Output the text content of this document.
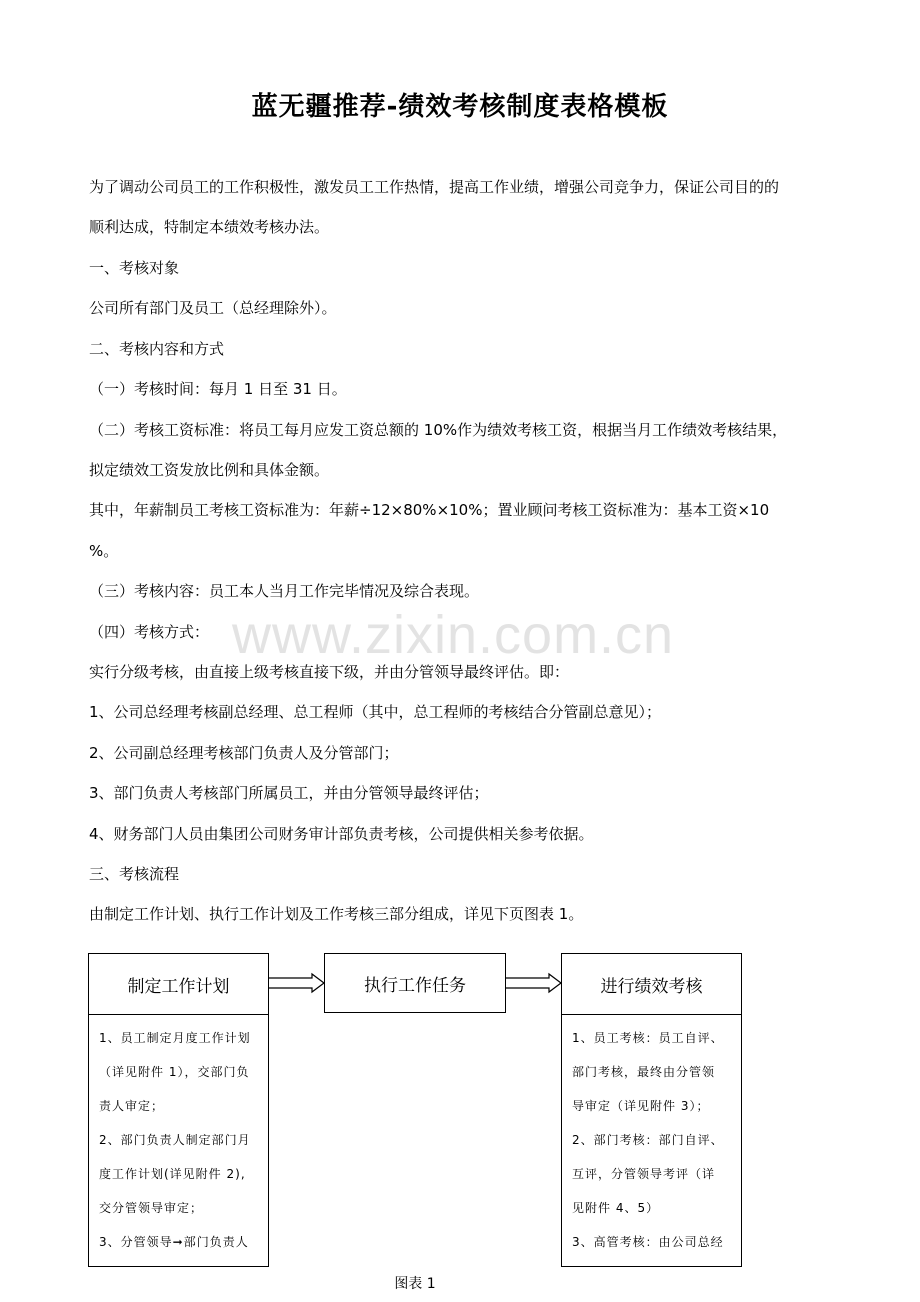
www.zixin.com.cn
蓝无疆推荐-绩效考核制度表格模板
为了调动公司员工的工作积极性，激发员工工作热情，提高工作业绩，增强公司竞争力，保证公司目的的
顺利达成，特制定本绩效考核办法。
一、考核对象
公司所有部门及员工（总经理除外）。
二、考核内容和方式
（一）考核时间：每月 1 日至 31 日。
（二）考核工资标准：将员工每月应发工资总额的 10%作为绩效考核工资，根据当月工作绩效考核结果，
拟定绩效工资发放比例和具体金额。
其中，年薪制员工考核工资标准为：年薪÷12×80%×10%；置业顾问考核工资标准为：基本工资×10
%。
（三）考核内容：员工本人当月工作完毕情况及综合表现。
（四）考核方式：
实行分级考核，由直接上级考核直接下级，并由分管领导最终评估。即：
1、公司总经理考核副总经理、总工程师（其中，总工程师的考核结合分管副总意见）；
2、公司副总经理考核部门负责人及分管部门；
3、部门负责人考核部门所属员工，并由分管领导最终评估；
4、财务部门人员由集团公司财务审计部负责考核，公司提供相关参考依据。
三、考核流程
由制定工作计划、执行工作计划及工作考核三部分组成，详见下页图表 1。
制定工作计划
1、员工制定月度工作计划
（详见附件 1），交部门负
责人审定；
2、部门负责人制定部门月
度工作计划(详见附件 2),
交分管领导审定；
3、分管领导➞部门负责人
执行工作任务	进行绩效考核
1、员工考核：员工自评、
部门考核，最终由分管领
导审定（详见附件 3）；
2、部门考核：部门自评、
互评，分管领导考评（详
见附件 4、5）
3、高管考核：由公司总经
图表 1
